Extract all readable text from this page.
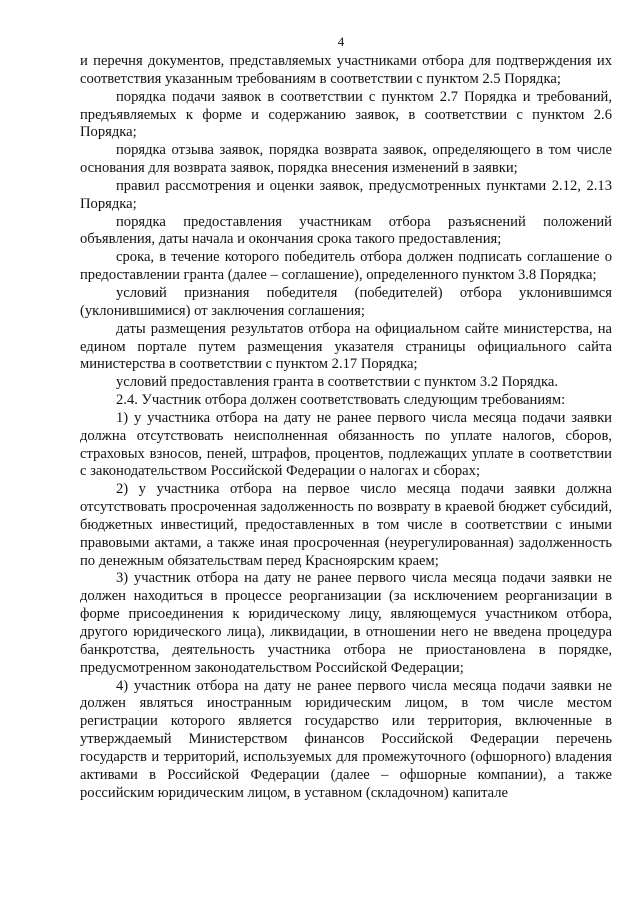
4

и перечня документов, представляемых участниками отбора для подтверждения их соответствия указанным требованиям в соответствии с пунктом 2.5 Порядка;

порядка подачи заявок в соответствии с пунктом 2.7 Порядка и требований, предъявляемых к форме и содержанию заявок, в соответствии с пунктом 2.6 Порядка;

порядка отзыва заявок, порядка возврата заявок, определяющего в том числе основания для возврата заявок, порядка внесения изменений в заявки;

правил рассмотрения и оценки заявок, предусмотренных пунктами 2.12, 2.13 Порядка;

порядка предоставления участникам отбора разъяснений положений объявления, даты начала и окончания срока такого предоставления;

срока, в течение которого победитель отбора должен подписать соглашение о предоставлении гранта (далее – соглашение), определенного пунктом 3.8 Порядка;

условий признания победителя (победителей) отбора уклонившимся (уклонившимися) от заключения соглашения;

даты размещения результатов отбора на официальном сайте министерства, на едином портале путем размещения указателя страницы официального сайта министерства в соответствии с пунктом 2.17 Порядка;

условий предоставления гранта в соответствии с пунктом 3.2 Порядка.

2.4. Участник отбора должен соответствовать следующим требованиям:

1) у участника отбора на дату не ранее первого числа месяца подачи заявки должна отсутствовать неисполненная обязанность по уплате налогов, сборов, страховых взносов, пеней, штрафов, процентов, подлежащих уплате в соответствии с законодательством Российской Федерации о налогах и сборах;

2) у участника отбора на первое число месяца подачи заявки должна отсутствовать просроченная задолженность по возврату в краевой бюджет субсидий, бюджетных инвестиций, предоставленных в том числе в соответствии с иными правовыми актами, а также иная просроченная (неурегулированная) задолженность по денежным обязательствам перед Красноярским краем;

3) участник отбора на дату не ранее первого числа месяца подачи заявки не должен находиться в процессе реорганизации (за исключением реорганизации в форме присоединения к юридическому лицу, являющемуся участником отбора, другого юридического лица), ликвидации, в отношении него не введена процедура банкротства, деятельность участника отбора не приостановлена в порядке, предусмотренном законодательством Российской Федерации;

4) участник отбора на дату не ранее первого числа месяца подачи заявки не должен являться иностранным юридическим лицом, в том числе местом регистрации которого является государство или территория, включенные в утверждаемый Министерством финансов Российской Федерации перечень государств и территорий, используемых для промежуточного (офшорного) владения активами в Российской Федерации (далее – офшорные компании), а также российским юридическим лицом, в уставном (складочном) капитале
